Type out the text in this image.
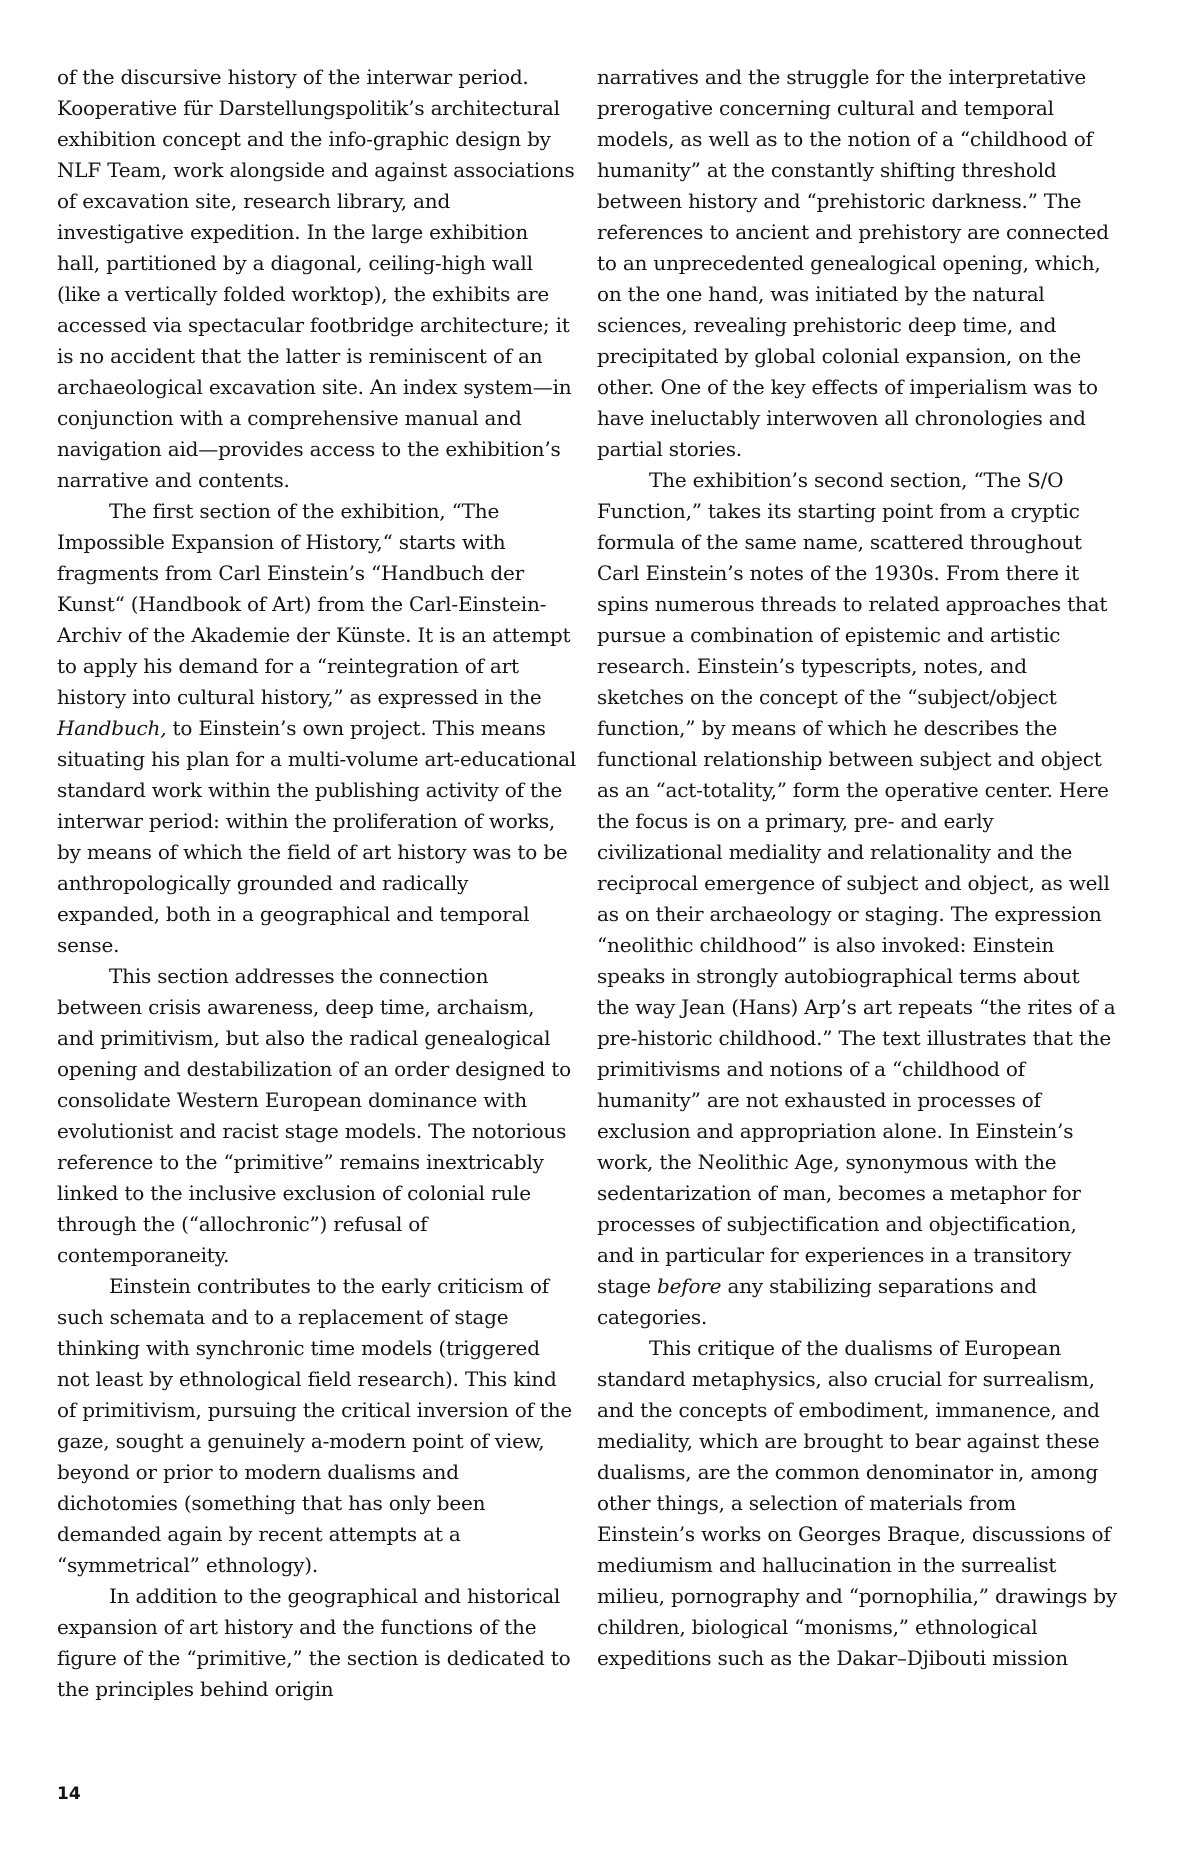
of the discursive history of the interwar period. Kooperative für Darstellungspolitik’s architectural exhibition concept and the info-graphic design by NLF Team, work alongside and against associations of excavation site, research library, and investigative expedition. In the large exhibition hall, partitioned by a diagonal, ceiling-high wall (like a vertically folded worktop), the exhibits are accessed via spectacular footbridge architecture; it is no accident that the latter is reminiscent of an archaeological excavation site. An index system—in conjunction with a comprehensive manual and navigation aid—provides access to the exhibition’s narrative and contents.

The first section of the exhibition, “The Impossible Expansion of History,“ starts with fragments from Carl Einstein’s “Handbuch der Kunst“ (Handbook of Art) from the Carl-Einstein-Archiv of the Akademie der Künste. It is an attempt to apply his demand for a “reintegration of art history into cultural history,” as expressed in the Handbuch, to Einstein’s own project. This means situating his plan for a multi-volume art-educational standard work within the publishing activity of the interwar period: within the proliferation of works, by means of which the field of art history was to be anthropologically grounded and radically expanded, both in a geographical and temporal sense.

This section addresses the connection between crisis awareness, deep time, archaism, and primitivism, but also the radical genealogical opening and destabilization of an order designed to consolidate Western European dominance with evolutionist and racist stage models. The notorious reference to the “primitive” remains inextricably linked to the inclusive exclusion of colonial rule through the (“allochronic”) refusal of contemporaneity.

Einstein contributes to the early criticism of such schemata and to a replacement of stage thinking with synchronic time models (triggered not least by ethnological field research). This kind of primitivism, pursuing the critical inversion of the gaze, sought a genuinely a-modern point of view, beyond or prior to modern dualisms and dichotomies (something that has only been demanded again by recent attempts at a “symmetrical” ethnology).

In addition to the geographical and historical expansion of art history and the functions of the figure of the “primitive,” the section is dedicated to the principles behind origin

narratives and the struggle for the interpretative prerogative concerning cultural and temporal models, as well as to the notion of a “childhood of humanity” at the constantly shifting threshold between history and “prehistoric darkness.” The references to ancient and prehistory are connected to an unprecedented genealogical opening, which, on the one hand, was initiated by the natural sciences, revealing prehistoric deep time, and precipitated by global colonial expansion, on the other. One of the key effects of imperialism was to have ineluctably interwoven all chronologies and partial stories.

The exhibition’s second section, “The S/O Function,” takes its starting point from a cryptic formula of the same name, scattered throughout Carl Einstein’s notes of the 1930s. From there it spins numerous threads to related approaches that pursue a combination of epistemic and artistic research. Einstein’s typescripts, notes, and sketches on the concept of the “subject/object function,” by means of which he describes the functional relationship between subject and object as an “act-totality,” form the operative center. Here the focus is on a primary, pre- and early civilizational mediality and relationality and the reciprocal emergence of subject and object, as well as on their archaeology or staging. The expression “neolithic childhood” is also invoked: Einstein speaks in strongly autobiographical terms about the way Jean (Hans) Arp’s art repeats “the rites of a pre-historic childhood.” The text illustrates that the primitivisms and notions of a “childhood of humanity” are not exhausted in processes of exclusion and appropriation alone. In Einstein’s work, the Neolithic Age, synonymous with the sedentarization of man, becomes a metaphor for processes of subjectification and objectification, and in particular for experiences in a transitory stage before any stabilizing separations and categories.

This critique of the dualisms of European standard metaphysics, also crucial for surrealism, and the concepts of embodiment, immanence, and mediality, which are brought to bear against these dualisms, are the common denominator in, among other things, a selection of materials from Einstein’s works on Georges Braque, discussions of mediumism and hallucination in the surrealist milieu, pornography and “pornophilia,” drawings by children, biological “monisms,” ethnological expeditions such as the Dakar–Djibouti mission

14
